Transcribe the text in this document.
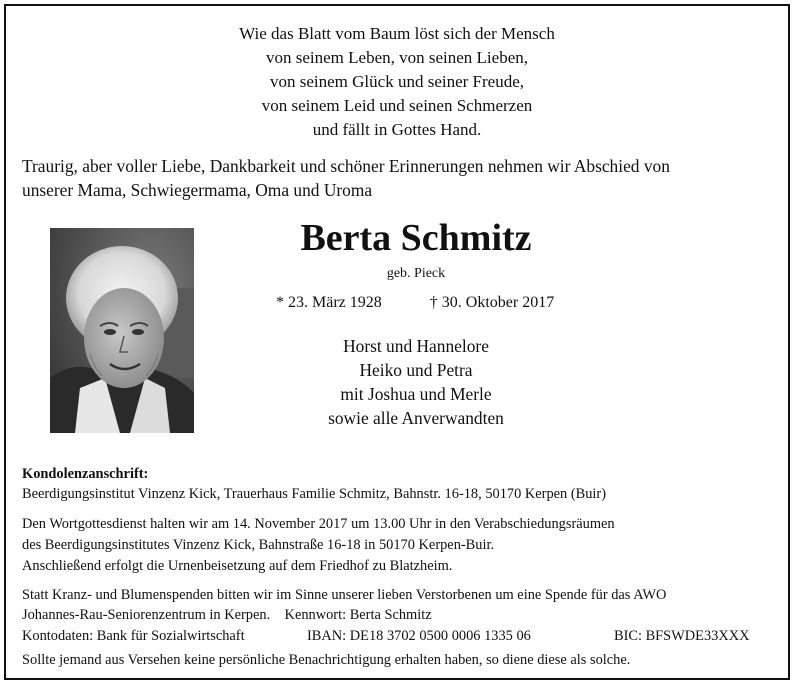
Wie das Blatt vom Baum löst sich der Mensch
von seinem Leben, von seinen Lieben,
von seinem Glück und seiner Freude,
von seinem Leid und seinen Schmerzen
und fällt in Gottes Hand.
Traurig, aber voller Liebe, Dankbarkeit und schöner Erinnerungen nehmen wir Abschied von
unserer Mama, Schwiegermama, Oma und Uroma
Berta Schmitz
geb. Pieck
* 23. März 1928	† 30. Oktober 2017
Horst und Hannelore
Heiko und Petra
mit Joshua und Merle
sowie alle Anverwandten
Kondolenzanschrift:
Beerdigungsinstitut Vinzenz Kick, Trauerhaus Familie Schmitz, Bahnstr. 16-18, 50170 Kerpen (Buir)
Den Wortgottesdienst halten wir am 14. November 2017 um 13.00 Uhr in den Verabschiedungsräumen
des Beerdigungsinstitutes Vinzenz Kick, Bahnstraße 16-18 in 50170 Kerpen-Buir.
Anschließend erfolgt die Urnenbeisetzung auf dem Friedhof zu Blatzheim.
Statt Kranz- und Blumenspenden bitten wir im Sinne unserer lieben Verstorbenen um eine Spende für das AWO
Johannes-Rau-Seniorenzentrum in Kerpen.    Kennwort: Berta Schmitz
Kontodaten: Bank für Sozialwirtschaft	IBAN: DE18 3702 0500 0006 1335 06	BIC: BFSWDE33XXX
Sollte jemand aus Versehen keine persönliche Benachrichtigung erhalten haben, so diene diese als solche.
